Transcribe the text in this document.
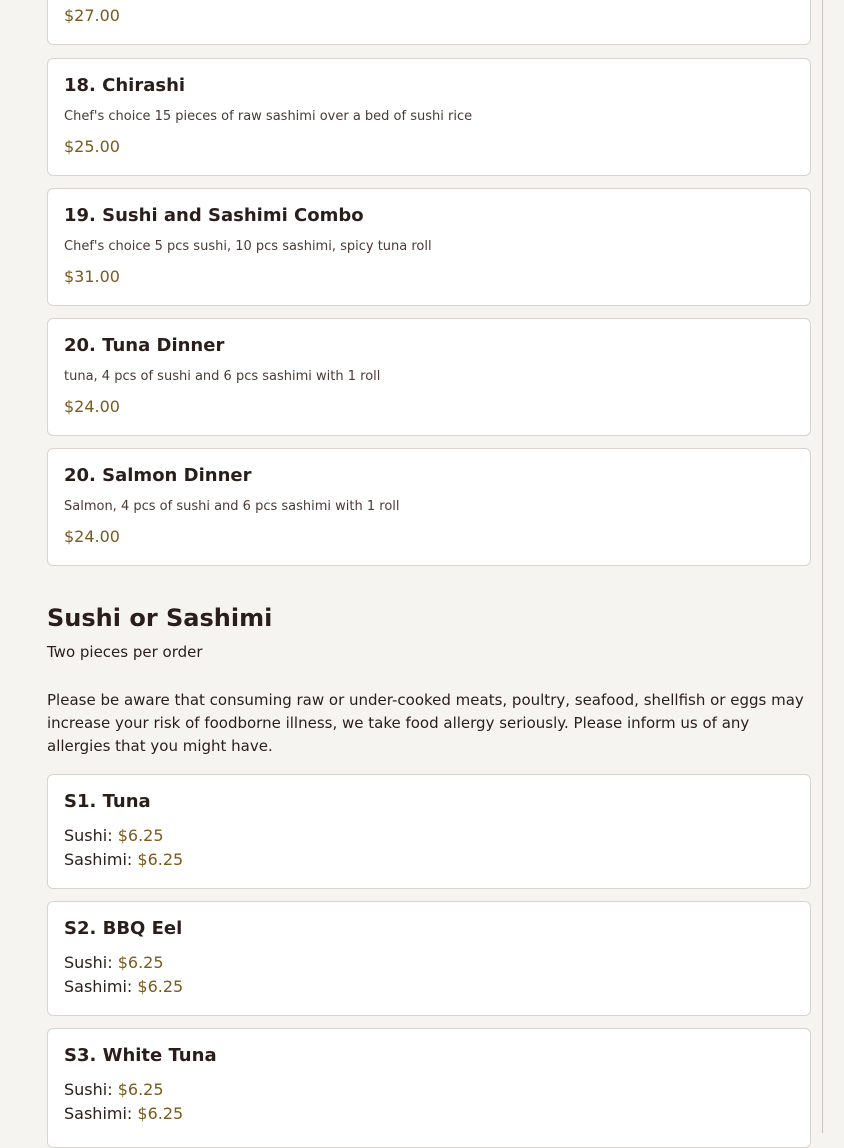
$27.00
18. Chirashi
Chef's choice 15 pieces of raw sashimi over a bed of sushi rice
$25.00
19. Sushi and Sashimi Combo
Chef's choice 5 pcs sushi, 10 pcs sashimi, spicy tuna roll
$31.00
20. Tuna Dinner
tuna, 4 pcs of sushi and 6 pcs sashimi with 1 roll
$24.00
20. Salmon Dinner
Salmon, 4 pcs of sushi and 6 pcs sashimi with 1 roll
$24.00
Sushi or Sashimi
Two pieces per order
Please be aware that consuming raw or under-cooked meats, poultry, seafood, shellfish or eggs may increase your risk of foodborne illness, we take food allergy seriously. Please inform us of any allergies that you might have.
S1. Tuna
Sushi: $6.25
Sashimi: $6.25
S2. BBQ Eel
Sushi: $6.25
Sashimi: $6.25
S3. White Tuna
Sushi: $6.25
Sashimi: $6.25
